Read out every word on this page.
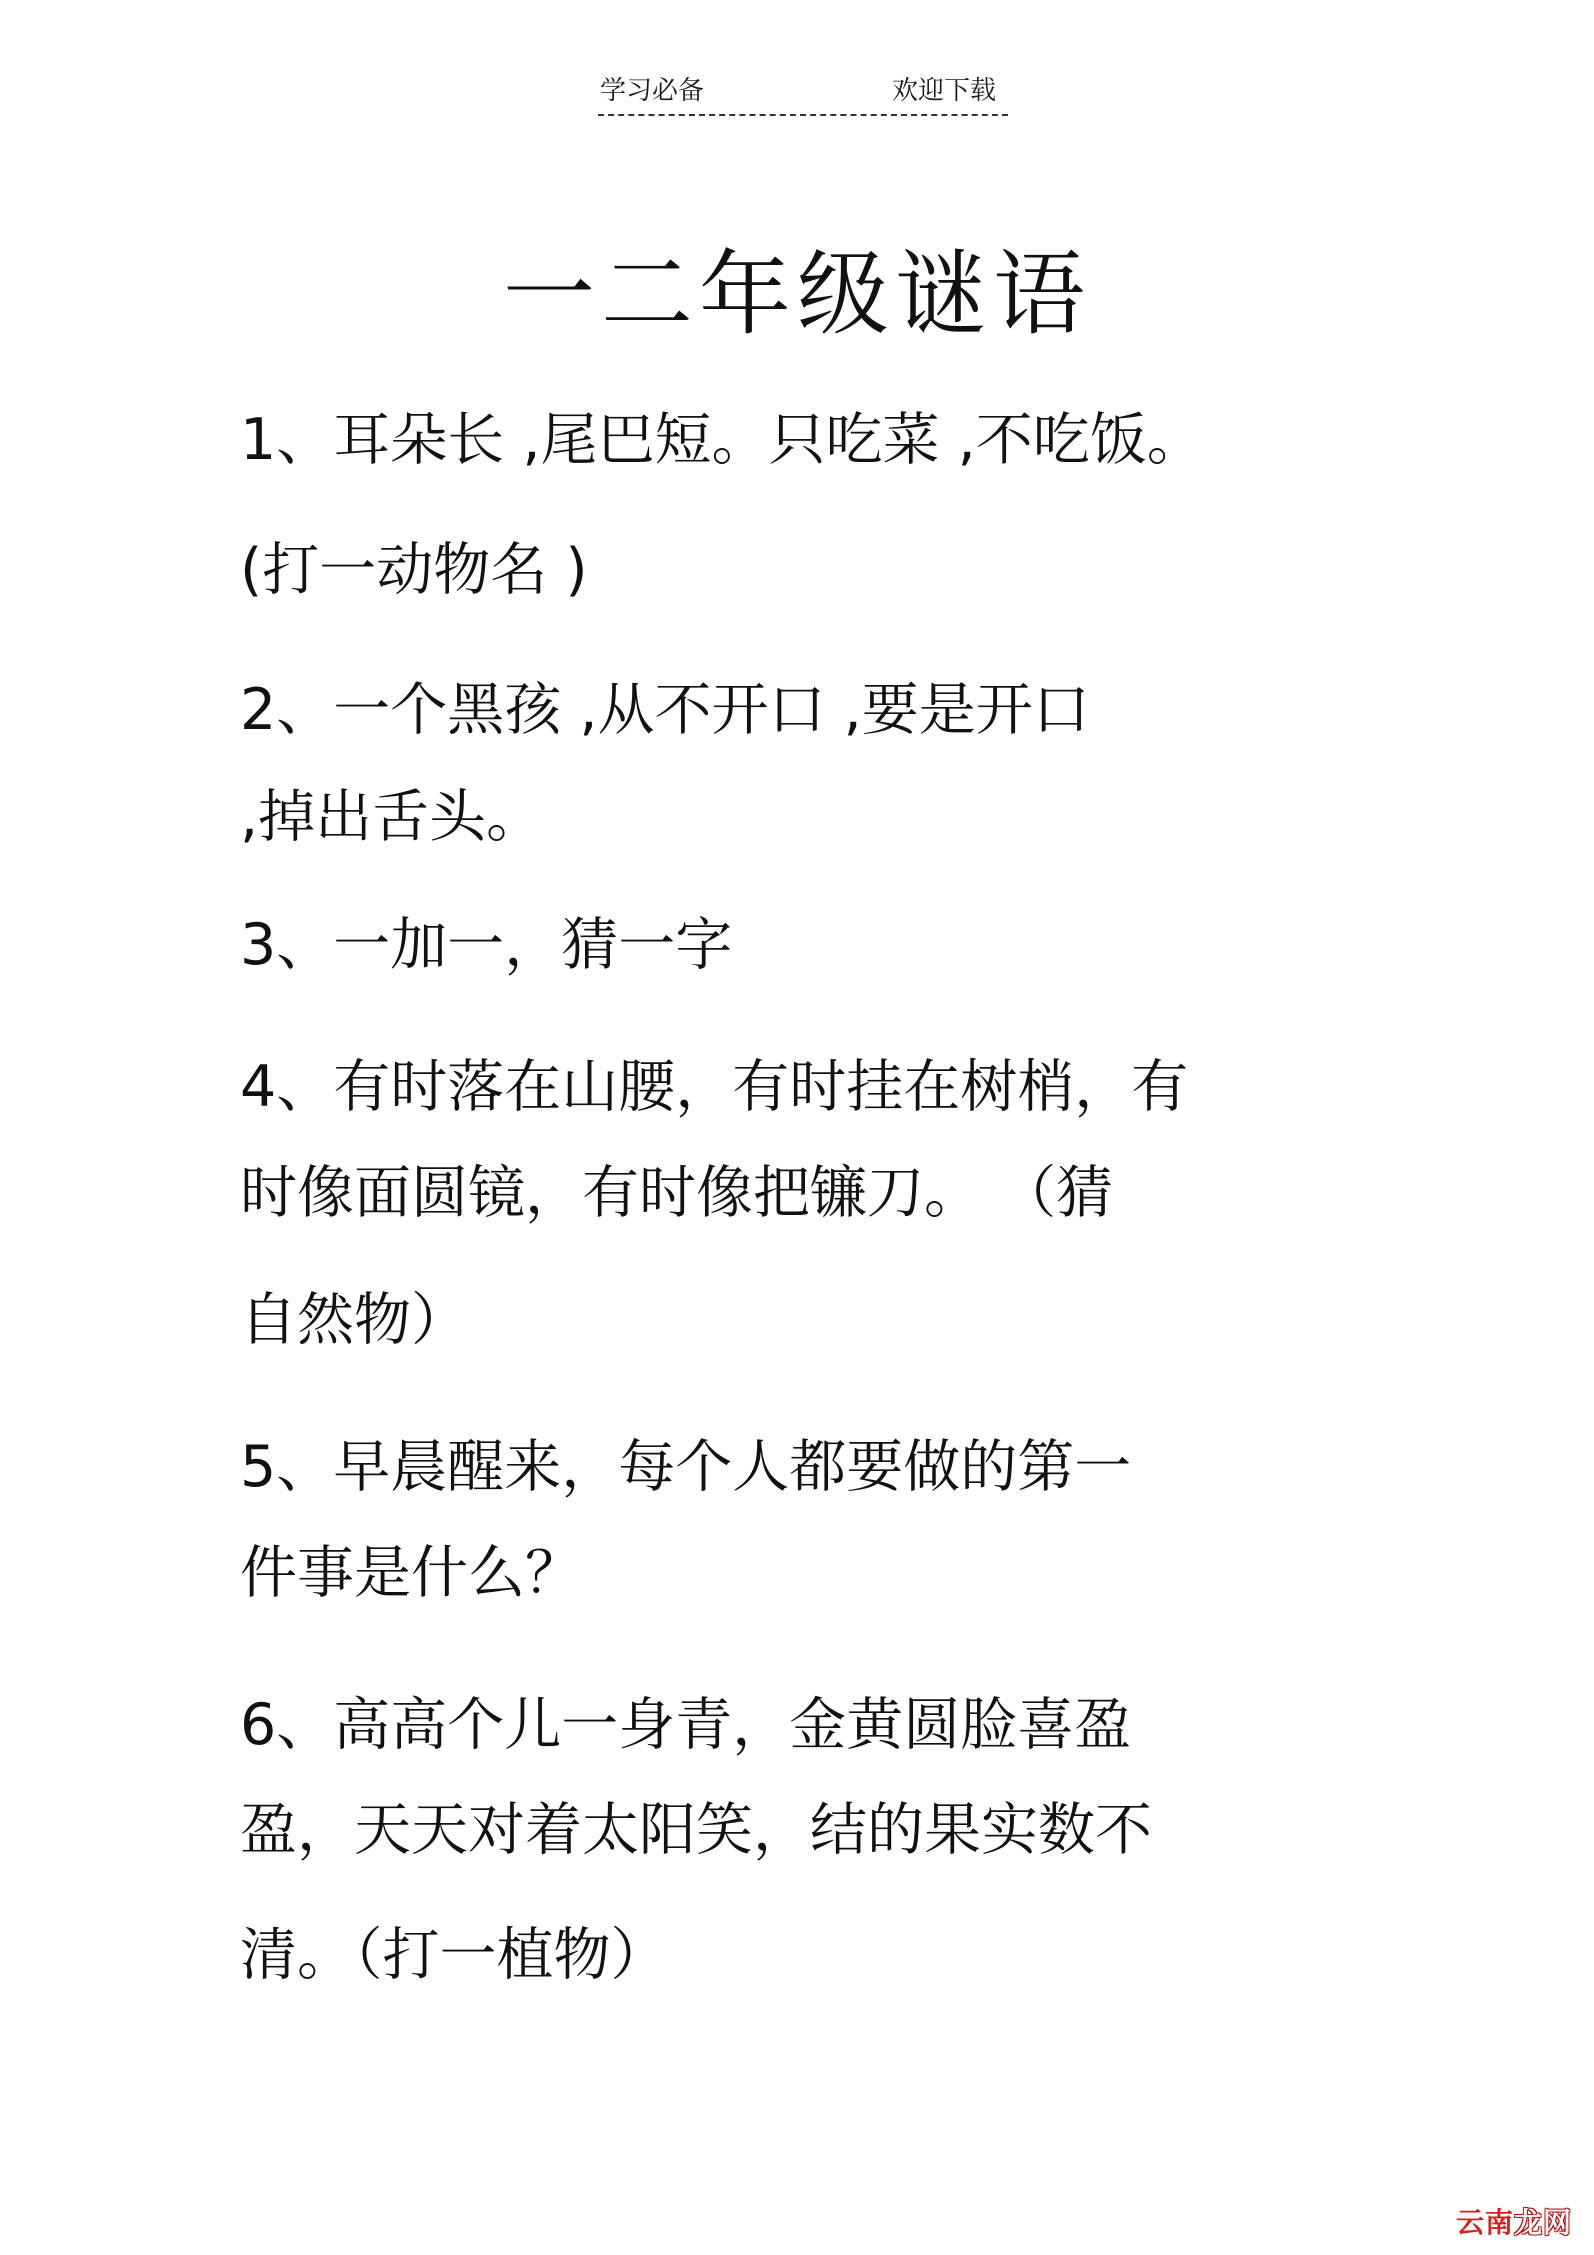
学习必备	欢迎下载
一二年级谜语
1、耳朵长 ,尾巴短。只吃菜 ,不吃饭。
(打一动物名 )
2、一个黑孩 ,从不开口 ,要是开口
,掉出舌头。
3、一加一，猜一字
4、有时落在山腰，有时挂在树梢，有
时像面圆镜，有时像把镰刀。 （猜
自然物）
5、早晨醒来，每个人都要做的第一
件事是什么？
6、高高个儿一身青，金黄圆脸喜盈
盈，天天对着太阳笑，结的果实数不
清。（打一植物）
云南龙网
